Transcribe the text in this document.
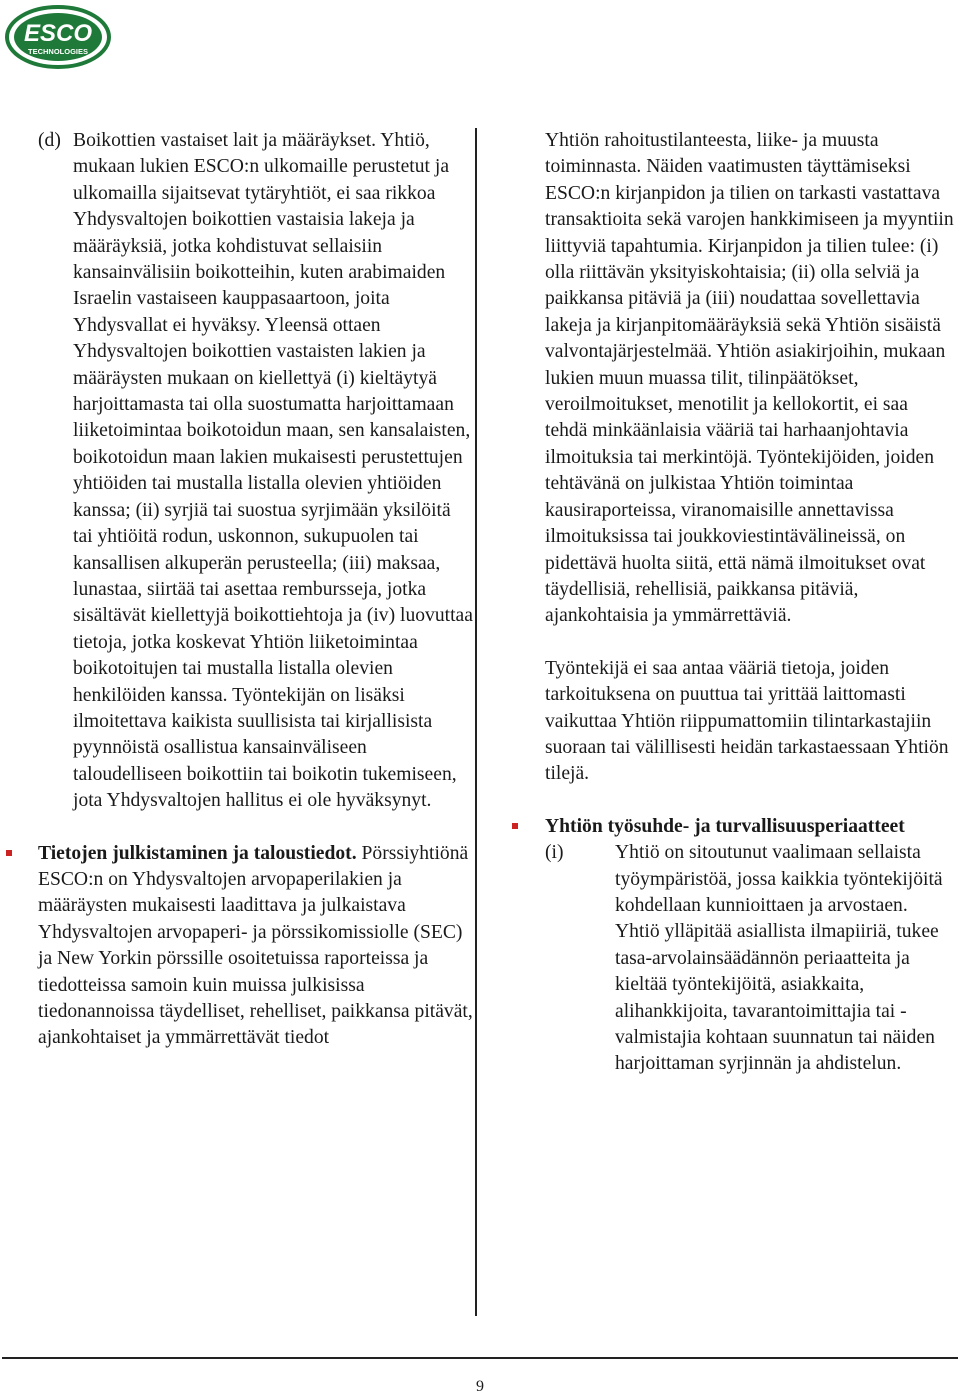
ESCO
TECHNOLOGIES
(d) Boikottien vastaiset lait ja määräykset. Yhtiö, mukaan lukien ESCO:n ulkomaille perustetut ja ulkomailla sijaitsevat tytäryhtiöt, ei saa rikkoa Yhdysvaltojen boikottien vastaisia lakeja ja määräyksiä, jotka kohdistuvat sellaisiin kansainvälisiin boikotteihin, kuten arabimaiden Israelin vastaiseen kauppasaartoon, joita Yhdysvallat ei hyväksy. Yleensä ottaen Yhdysvaltojen boikottien vastaisten lakien ja määräysten mukaan on kiellettyä (i) kieltäytyä harjoittamasta tai olla suostumatta harjoittamaan liiketoimintaa boikotoidun maan, sen kansalaisten, boikotoidun maan lakien mukaisesti perustettujen yhtiöiden tai mustalla listalla olevien yhtiöiden kanssa; (ii) syrjiä tai suostua syrjimään yksilöitä tai yhtiöitä rodun, uskonnon, sukupuolen tai kansallisen alkuperän perusteella; (iii) maksaa, lunastaa, siirtää tai asettaa rembursseja, jotka sisältävät kiellettyjä boikottiehtoja ja (iv) luovuttaa tietoja, jotka koskevat Yhtiön liiketoimintaa boikotoitujen tai mustalla listalla olevien henkilöiden kanssa. Työntekijän on lisäksi ilmoitettava kaikista suullisista tai kirjallisista pyynnöistä osallistua kansainväliseen taloudelliseen boikottiin tai boikotin tukemiseen, jota Yhdysvaltojen hallitus ei ole hyväksynyt.

Tietojen julkistaminen ja taloustiedot. Pörssiyhtiönä ESCO:n on Yhdysvaltojen arvopaperilakien ja määräysten mukaisesti laadittava ja julkaistava Yhdysvaltojen arvopaperi- ja pörssikomissiolle (SEC) ja New Yorkin pörssille osoitetuissa raporteissa ja tiedotteissa samoin kuin muissa julkisissa tiedonannoissa täydelliset, rehelliset, paikkansa pitävät, ajankohtaiset ja ymmärrettävät tiedot

Yhtiön rahoitustilanteesta, liike- ja muusta toiminnasta. Näiden vaatimusten täyttämiseksi ESCO:n kirjanpidon ja tilien on tarkasti vastattava transaktioita sekä varojen hankkimiseen ja myyntiin liittyviä tapahtumia. Kirjanpidon ja tilien tulee: (i) olla riittävän yksityiskohtaisia; (ii) olla selviä ja paikkansa pitäviä ja (iii) noudattaa sovellettavia lakeja ja kirjanpitomääräyksiä sekä Yhtiön sisäistä valvontajärjestelmää. Yhtiön asiakirjoihin, mukaan lukien muun muassa tilit, tilinpäätökset, veroilmoitukset, menotilit ja kellokortit, ei saa tehdä minkäänlaisia vääriä tai harhaanjohtavia ilmoituksia tai merkintöjä. Työntekijöiden, joiden tehtävänä on julkistaa Yhtiön toimintaa kausiraporteissa, viranomaisille annettavissa ilmoituksissa tai joukkoviestintävälineissä, on pidettävä huolta siitä, että nämä ilmoitukset ovat täydellisiä, rehellisiä, paikkansa pitäviä, ajankohtaisia ja ymmärrettäviä.

Työntekijä ei saa antaa vääriä tietoja, joiden tarkoituksena on puuttua tai yrittää laittomasti vaikuttaa Yhtiön riippumattomiin tilintarkastajiin suoraan tai välillisesti heidän tarkastaessaan Yhtiön tilejä.

Yhtiön työsuhde- ja turvallisuusperiaatteet
(i)	Yhtiö on sitoutunut vaalimaan sellaista työympäristöä, jossa kaikkia työntekijöitä kohdellaan kunnioittaen ja arvostaen. Yhtiö ylläpitää asiallista ilmapiiriä, tukee tasa-arvolainsäädännön periaatteita ja kieltää työntekijöitä, asiakkaita, alihankkijoita, tavarantoimittajia tai -valmistajia kohtaan suunnatun tai näiden harjoittaman syrjinnän ja ahdistelun.

9
